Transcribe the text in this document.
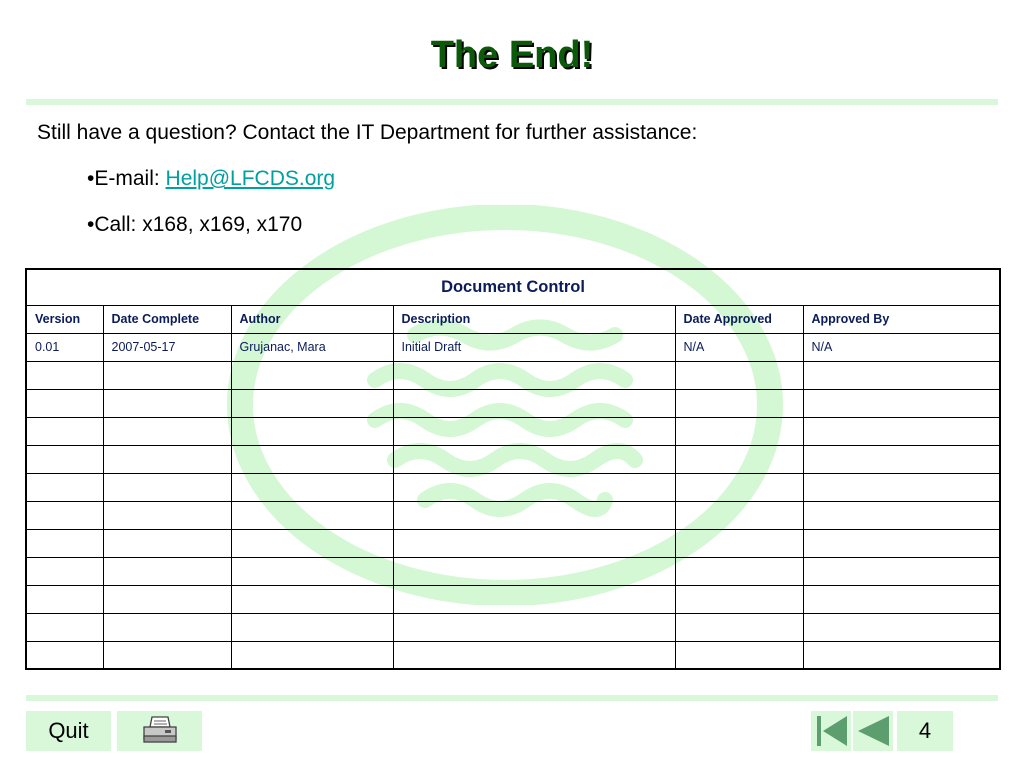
The End!
Still have a question? Contact the IT Department for further assistance:
•E-mail: Help@LFCDS.org
•Call: x168, x169, x170
Document Control					
Version	Date Complete	Author	Description	Date Approved	Approved By
0.01	2007-05-17	Grujanac, Mara	Initial Draft	N/A	N/A

Quit	4
